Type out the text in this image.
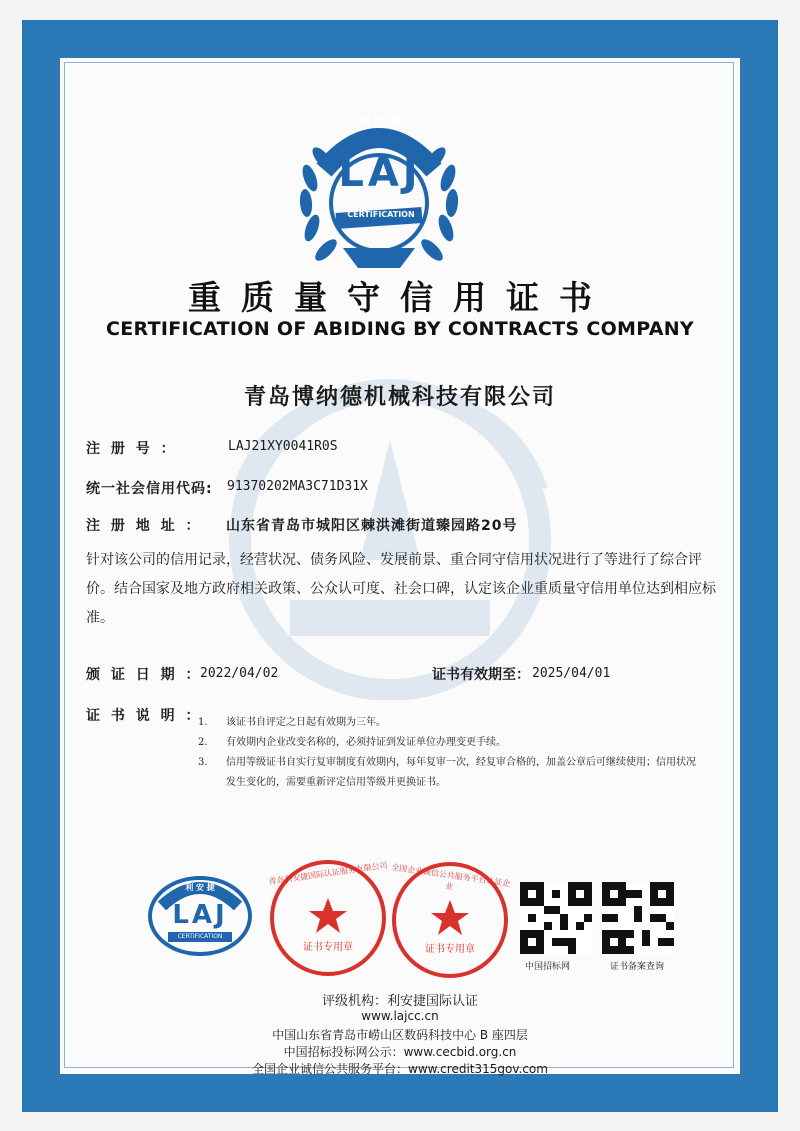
利 安 捷
LAJ
CERTIFICATION
重质量守信用证书
CERTIFICATION OF ABIDING BY CONTRACTS COMPANY
青岛博纳德机械科技有限公司
注 册 号 ：	LAJ21XY0041R0S
统一社会信用代码: 91370202MA3C71D31X
注 册 地 址 ： 山东省青岛市城阳区棘洪滩街道臻园路20号
针对该公司的信用记录，经营状况、债务风险、发展前景、重合同守信用状况进行了等进行了综合评价。结合国家及地方政府相关政策、公众认可度、社会口碑，认定该企业重质量守信用单位达到相应标准。
颁 证 日 期 ：
2022/04/02	证书有效期至： 2025/04/01
证 书 说 明 ：
1.	该证书自评定之日起有效期为三年。
2.	有效期内企业改变名称的，必须持证到发证单位办理变更手续。
3.	信用等级证书自实行复审制度有效期内，每年复审一次，经复审合格的，加盖公章后可继续使用；信用状况发生变化的，需要重新评定信用等级并更换证书。
利 安 捷
LAJ
CERTIFICATION
青岛利安捷国际认证服务有限公司
证书专用章
全国企业诚信公共服务平台认证企业
证书专用章
中国招标网	证书备案查询
评级机构：利安捷国际认证
www.lajcc.cn
中国山东省青岛市崂山区数码科技中心 B 座四层
中国招标投标网公示：www.cecbid.org.cn
全国企业诚信公共服务平台：www.credit315gov.com
